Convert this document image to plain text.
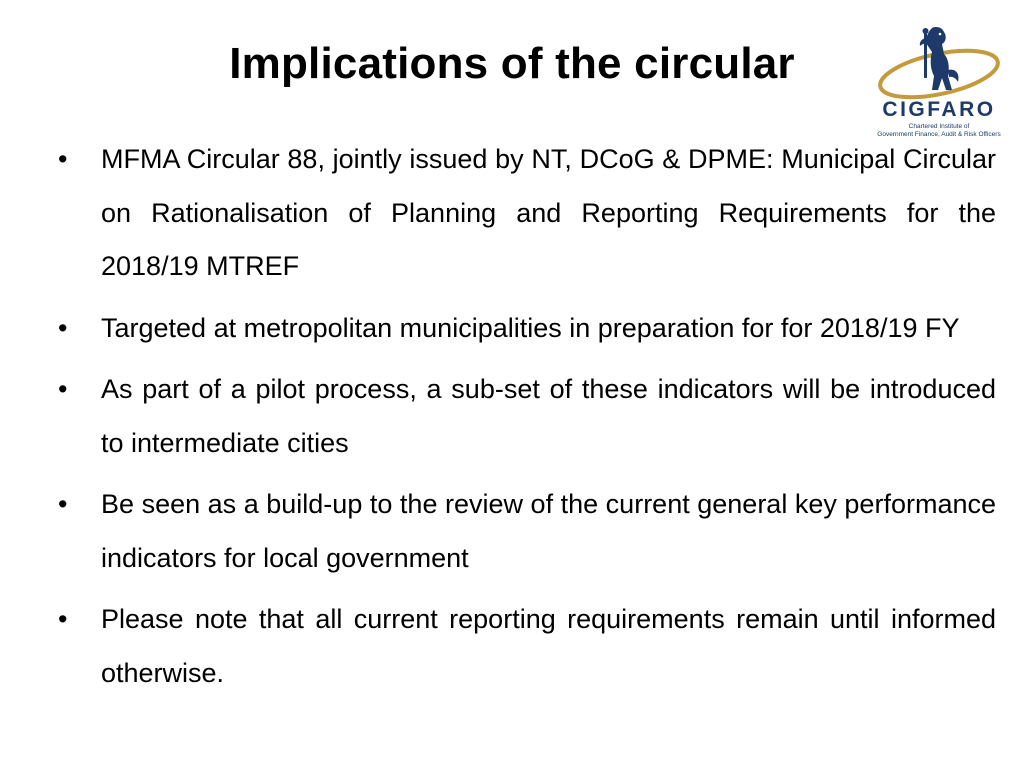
Implications of the circular
CIGFARO
Chartered Institute of
Government Finance, Audit & Risk Officers
• MFMA Circular 88, jointly issued by NT, DCoG & DPME: Municipal Circular on Rationalisation of Planning and Reporting Requirements for the 2018/19 MTREF
• Targeted at metropolitan municipalities in preparation for for 2018/19 FY
• As part of a pilot process, a sub-set of these indicators will be introduced to intermediate cities
• Be seen as a build-up to the review of the current general key performance indicators for local government
• Please note that all current reporting requirements remain until informed otherwise.
